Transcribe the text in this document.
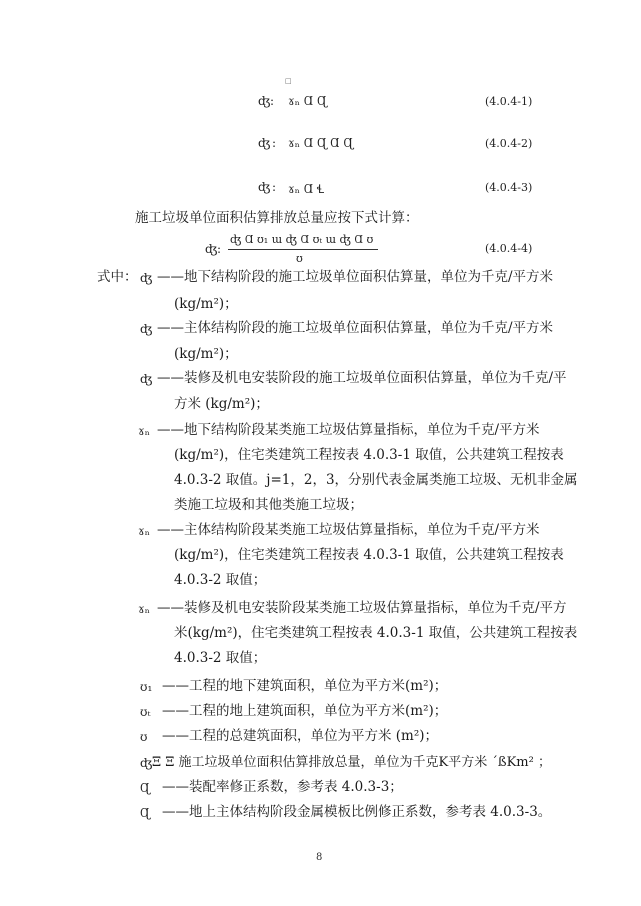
□
ʤ : ɤₙ Ɑ Ɋ	(4.0.4-1)
ʤ : ɤₙ Ɑ Ɋ Ɑ Ɋ	(4.0.4-2)
ʤ : ɤₙ Ɑ Ɬ	(4.0.4-3)
施工垃圾单位面积估算排放总量应按下式计算：
ʤ :
ʤ Ɑ ʊ₁ ɯ ʤ Ɑ ʊₜ ɯ ʤ Ɑ ʊ
ʊ
(4.0.4-4)
式中： ʤ ——地下结构阶段的施工垃圾单位面积估算量，单位为千克/平方米
(kg/m²)；
ʤ ——主体结构阶段的施工垃圾单位面积估算量，单位为千克/平方米
(kg/m²)；
ʤ ——装修及机电安装阶段的施工垃圾单位面积估算量，单位为千克/平
方米 (kg/m²)；
ɤₙ ——地下结构阶段某类施工垃圾估算量指标，单位为千克/平方米
(kg/m²)，住宅类建筑工程按表 4.0.3-1 取值，公共建筑工程按表
4.0.3-2 取值。j=1，2，3，分别代表金属类施工垃圾、无机非金属
类施工垃圾和其他类施工垃圾；
ɤₙ ——主体结构阶段某类施工垃圾估算量指标，单位为千克/平方米
(kg/m²)，住宅类建筑工程按表 4.0.3-1 取值，公共建筑工程按表
4.0.3-2 取值；
ɤₙ ——装修及机电安装阶段某类施工垃圾估算量指标，单位为千克/平方
米(kg/m²)，住宅类建筑工程按表 4.0.3-1 取值，公共建筑工程按表
4.0.3-2 取值；
ʊ₁ ——工程的地下建筑面积，单位为平方米(m²)；
ʊₜ ——工程的地上建筑面积，单位为平方米(m²)；
ʊ ——工程的总建筑面积，单位为平方米 (m²)；
ʤ Ξ Ξ 施工垃圾单位面积估算排放总量，单位为千克K平方米 ´ßKm² ；
Ɋ ——装配率修正系数，参考表 4.0.3-3；
Ɋ ——地上主体结构阶段金属模板比例修正系数，参考表 4.0.3-3。
8
